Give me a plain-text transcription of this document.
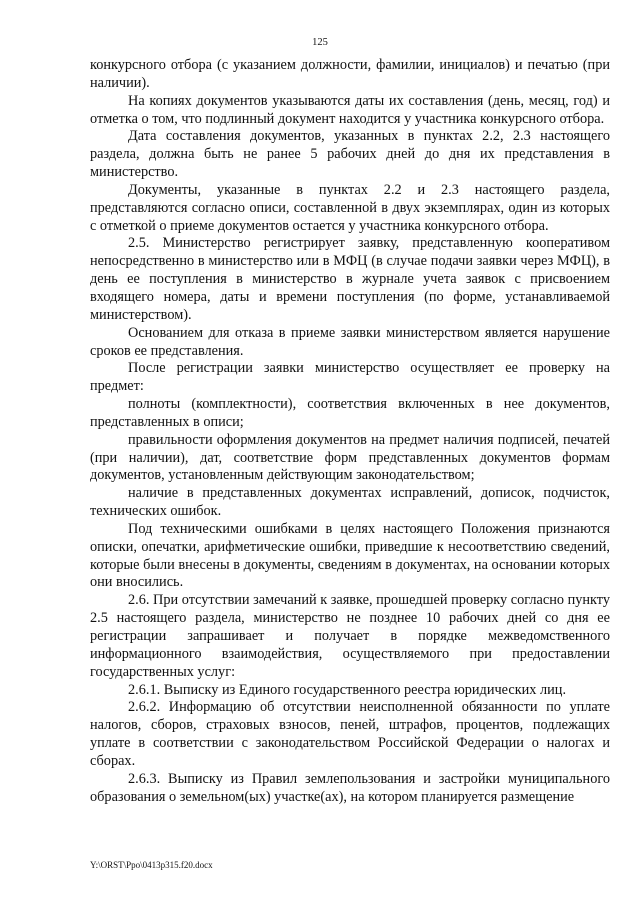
125

конкурсного отбора (с указанием должности, фамилии, инициалов) и печатью (при наличии).

На копиях документов указываются даты их составления (день, месяц, год) и отметка о том, что подлинный документ находится у участника конкурсного отбора.

Дата составления документов, указанных в пунктах 2.2, 2.3 настоящего раздела, должна быть не ранее 5 рабочих дней до дня их представления в министерство.

Документы, указанные в пунктах 2.2 и 2.3 настоящего раздела, представляются согласно описи, составленной в двух экземплярах, один из которых с отметкой о приеме документов остается у участника конкурсного отбора.

2.5. Министерство регистрирует заявку, представленную кооперативом непосредственно в министерство или в МФЦ (в случае подачи заявки через МФЦ), в день ее поступления в министерство в журнале учета заявок с присвоением входящего номера, даты и времени поступления (по форме, устанавливаемой министерством).

Основанием для отказа в приеме заявки министерством является нарушение сроков ее представления.

После регистрации заявки министерство осуществляет ее проверку на предмет:

полноты (комплектности), соответствия включенных в нее документов, представленных в описи;

правильности оформления документов на предмет наличия подписей, печатей (при наличии), дат, соответствие форм представленных документов формам документов, установленным действующим законодательством;

наличие в представленных документах исправлений, дописок, подчисток, технических ошибок.

Под техническими ошибками в целях настоящего Положения признаются описки, опечатки, арифметические ошибки, приведшие к несоответствию сведений, которые были внесены в документы, сведениям в документах, на основании которых они вносились.

2.6. При отсутствии замечаний к заявке, прошедшей проверку согласно пункту 2.5 настоящего раздела, министерство не позднее 10 рабочих дней со дня ее регистрации запрашивает и получает в порядке межведомственного информационного взаимодействия, осуществляемого при предоставлении государственных услуг:

2.6.1. Выписку из Единого государственного реестра юридических лиц.

2.6.2. Информацию об отсутствии неисполненной обязанности по уплате налогов, сборов, страховых взносов, пеней, штрафов, процентов, подлежащих уплате в соответствии с законодательством Российской Федерации о налогах и сборах.

2.6.3. Выписку из Правил землепользования и застройки муниципального образования о земельном(ых) участке(ах), на котором планируется размещение

Y:\ORST\Ppo\0413p315.f20.docx
